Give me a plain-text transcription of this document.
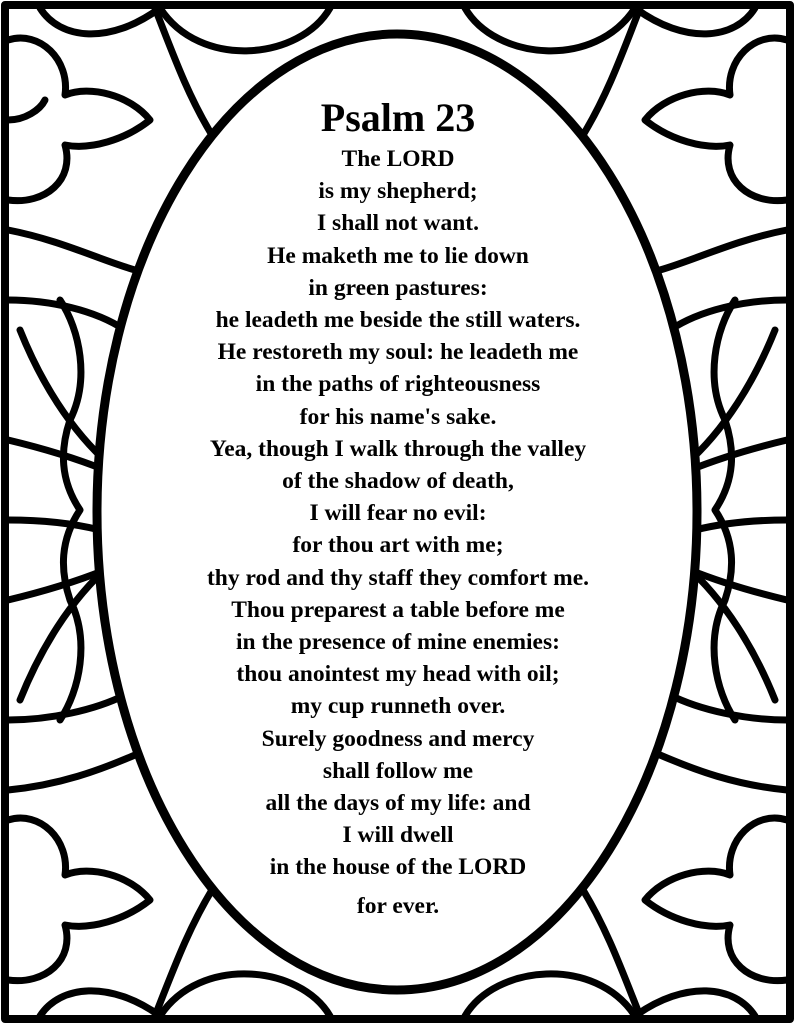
Psalm 23
The LORD
is my shepherd;
I shall not want.
He maketh me to lie down
in green pastures:
he leadeth me beside the still waters.
He restoreth my soul: he leadeth me
in the paths of righteousness
for his name's sake.
Yea, though I walk through the valley
of the shadow of death,
I will fear no evil:
for thou art with me;
thy rod and thy staff they comfort me.
Thou preparest a table before me
in the presence of mine enemies:
thou anointest my head with oil;
my cup runneth over.
Surely goodness and mercy
shall follow me
all the days of my life: and
I will dwell
in the house of the LORD
for ever.
